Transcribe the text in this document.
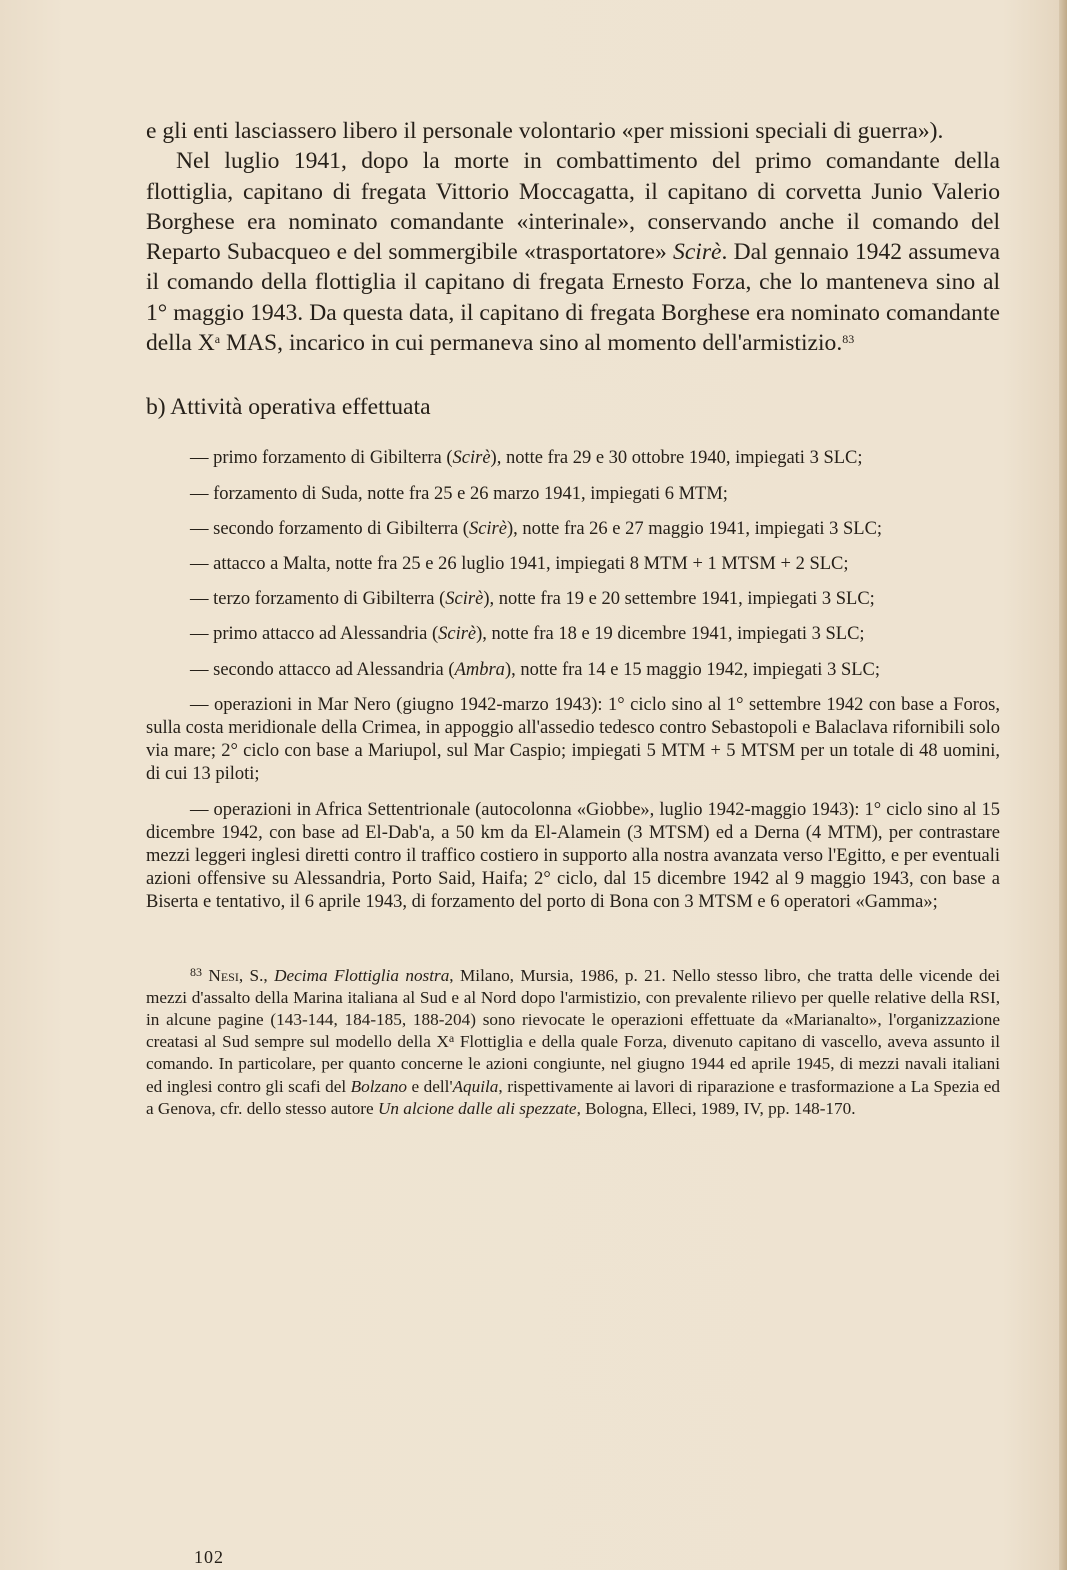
e gli enti lasciassero libero il personale volontario «per missioni speciali di guerra»).

Nel luglio 1941, dopo la morte in combattimento del primo comandante della flottiglia, capitano di fregata Vittorio Moccagatta, il capitano di corvetta Junio Valerio Borghese era nominato comandante «interinale», conservando anche il comando del Reparto Subacqueo e del sommergibile «trasportatore» Scirè. Dal gennaio 1942 assumeva il comando della flottiglia il capitano di fregata Ernesto Forza, che lo manteneva sino al 1° maggio 1943. Da questa data, il capitano di fregata Borghese era nominato comandante della $X^a$ MAS, incarico in cui permaneva sino al momento dell'armistizio.$^{83}$

b) Attività operativa effettuata

— primo forzamento di Gibilterra (Scirè), notte fra 29 e 30 ottobre 1940, impiegati 3 SLC;

— forzamento di Suda, notte fra 25 e 26 marzo 1941, impiegati 6 MTM;

— secondo forzamento di Gibilterra (Scirè), notte fra 26 e 27 maggio 1941, impiegati 3 SLC;

— attacco a Malta, notte fra 25 e 26 luglio 1941, impiegati 8 MTM + 1 MTSM + 2 SLC;

— terzo forzamento di Gibilterra (Scirè), notte fra 19 e 20 settembre 1941, impiegati 3 SLC;

— primo attacco ad Alessandria (Scirè), notte fra 18 e 19 dicembre 1941, impiegati 3 SLC;

— secondo attacco ad Alessandria (Ambra), notte fra 14 e 15 maggio 1942, impiegati 3 SLC;

— operazioni in Mar Nero (giugno 1942-marzo 1943): 1° ciclo sino al 1° settembre 1942 con base a Foros, sulla costa meridionale della Crimea, in appoggio all'assedio tedesco contro Sebastopoli e Balaclava rifornibili solo via mare; 2° ciclo con base a Mariupol, sul Mar Caspio; impiegati 5 MTM + 5 MTSM per un totale di 48 uomini, di cui 13 piloti;

— operazioni in Africa Settentrionale (autocolonna «Giobbe», luglio 1942-maggio 1943): 1° ciclo sino al 15 dicembre 1942, con base ad El-Dab'a, a 50 km da El-Alamein (3 MTSM) ed a Derna (4 MTM), per contrastare mezzi leggeri inglesi diretti contro il traffico costiero in supporto alla nostra avanzata verso l'Egitto, e per eventuali azioni offensive su Alessandria, Porto Said, Haifa; 2° ciclo, dal 15 dicembre 1942 al 9 maggio 1943, con base a Biserta e tentativo, il 6 aprile 1943, di forzamento del porto di Bona con 3 MTSM e 6 operatori «Gamma»;

$^{83}$ Nesi, S., Decima Flottiglia nostra, Milano, Mursia, 1986, p. 21. Nello stesso libro, che tratta delle vicende dei mezzi d'assalto della Marina italiana al Sud e al Nord dopo l'armistizio, con prevalente rilievo per quelle relative della RSI, in alcune pagine (143-144, 184-185, 188-204) sono rievocate le operazioni effettuate da «Marianalto», l'organizzazione creatasi al Sud sempre sul modello della $X^a$ Flottiglia e della quale Forza, divenuto capitano di vascello, aveva assunto il comando. In particolare, per quanto concerne le azioni congiunte, nel giugno 1944 ed aprile 1945, di mezzi navali italiani ed inglesi contro gli scafi del Bolzano e dell'Aquila, rispettivamente ai lavori di riparazione e trasformazione a La Spezia ed a Genova, cfr. dello stesso autore Un alcione dalle ali spezzate, Bologna, Elleci, 1989, IV, pp. 148-170.
102
